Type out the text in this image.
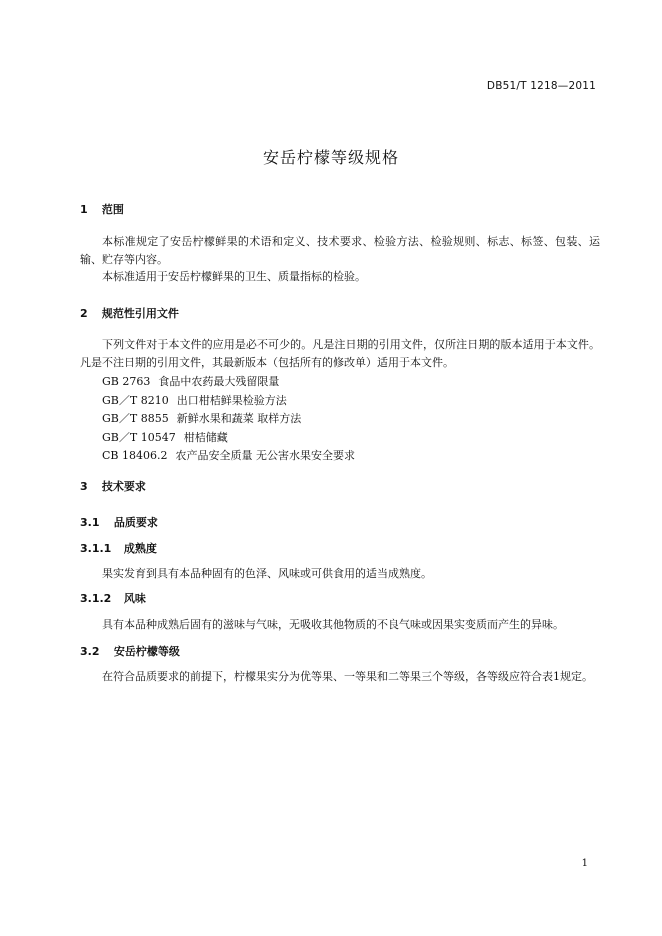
DB51/T 1218—2011
安岳柠檬等级规格
1 范围
本标准规定了安岳柠檬鲜果的术语和定义、技术要求、检验方法、检验规则、标志、标签、包装、运输、贮存等内容。
本标准适用于安岳柠檬鲜果的卫生、质量指标的检验。
2 规范性引用文件
下列文件对于本文件的应用是必不可少的。凡是注日期的引用文件，仅所注日期的版本适用于本文件。凡是不注日期的引用文件，其最新版本（包括所有的修改单）适用于本文件。
GB 2763 食品中农药最大残留限量
GB／T 8210 出口柑桔鲜果检验方法
GB／T 8855 新鲜水果和蔬菜 取样方法
GB／T 10547 柑桔储藏
CB 18406.2 农产品安全质量 无公害水果安全要求
3 技术要求
3.1 品质要求
3.1.1 成熟度
果实发育到具有本品种固有的色泽、风味或可供食用的适当成熟度。
3.1.2 风味
具有本品种成熟后固有的滋味与气味，无吸收其他物质的不良气味或因果实变质而产生的异味。
3.2 安岳柠檬等级
在符合品质要求的前提下，柠檬果实分为优等果、一等果和二等果三个等级，各等级应符合表1规定。
1
